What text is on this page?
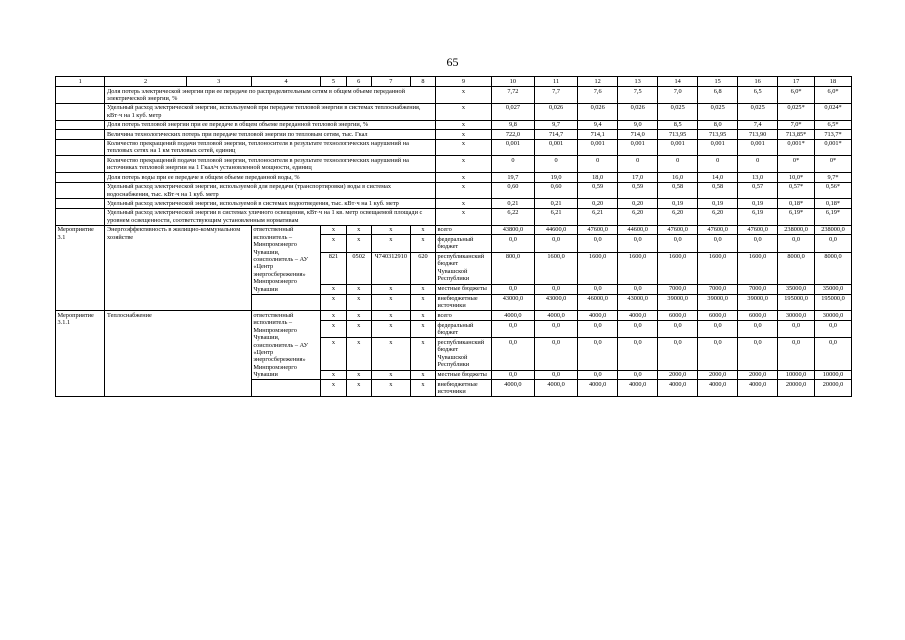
65
1	2	3	4	5	6	7	8	9	10	11	12	13	14	15	16	17	18
	Доля потерь электрической энергии при ее передаче по распределительным сетям в общем объеме переданной электрической энергии, %							x	7,72	7,7	7,6	7,5	7,0	6,8	6,5	6,0*	6,0*
	Удельный расход электрической энергии, используемой при передаче тепловой энергии в системах теплоснабжения, кВт·ч на 1 куб. метр							x	0,027	0,026	0,026	0,026	0,025	0,025	0,025	0,025*	0,024*
	Доля потерь тепловой энергии при ее передаче в общем объеме переданной тепловой энергии, %							x	9,8	9,7	9,4	9,0	8,5	8,0	7,4	7,0*	6,5*
	Величина технологических потерь при передаче тепловой энергии по тепловым сетям, тыс. Гкал							x	722,0	714,7	714,1	714,0	713,95	713,95	713,90	713,85*	713,7*
	Количество прекращений подачи тепловой энергии, теплоносителя в результате технологических нарушений на тепловых сетях на 1 км тепловых сетей, единиц							x	0,001	0,001	0,001	0,001	0,001	0,001	0,001	0,001*	0,001*
	Количество прекращений подачи тепловой энергии, теплоносителя в результате технологических нарушений на источниках тепловой энергии на 1 Гкал/ч установленной мощности, единиц							x	0	0	0	0	0	0	0	0*	0*
	Доля потерь воды при ее передаче в общем объеме переданной воды, %							x	19,7	19,0	18,0	17,0	16,0	14,0	13,0	10,0*	9,7*
	Удельный расход электрической энергии, используемой для передачи (транспортировки) воды в системах водоснабжения, тыс. кВт·ч на 1 куб. метр							x	0,60	0,60	0,59	0,59	0,58	0,58	0,57	0,57*	0,56*
	Удельный расход электрической энергии, используемой в системах водоотведения, тыс. кВт·ч на 1 куб. метр							x	0,21	0,21	0,20	0,20	0,19	0,19	0,19	0,18*	0,18*
	Удельный расход электрической энергии в системах уличного освещения, кВт·ч на 1 кв. метр освещаемой площади с уровнем освещенности, соответствующим установленным нормативам							x	6,22	6,21	6,21	6,20	6,20	6,20	6,19	6,19*	6,19*
Мероприятие 3.1	Энергоэффективность в жилищно-коммунальном хозяйстве		ответственный исполнитель – Минпромэнерго Чувашии, соисполнитель – АУ «Центр энергосбережения» Минпромэнерго Чувашии	x	x	x	x	всего	43800,0	44600,0	47600,0	44600,0	47600,0	47600,0	47600,0	238000,0	238000,0
				x	x	x	x	федеральный бюджет	0,0	0,0	0,0	0,0	0,0	0,0	0,0	0,0	0,0
				821	0502	Ч740312910	620	республиканский бюджет Чувашской Республики	800,0	1600,0	1600,0	1600,0	1600,0	1600,0	1600,0	8000,0	8000,0
				x	x	x	x	местные бюджеты	0,0	0,0	0,0	0,0	7000,0	7000,0	7000,0	35000,0	35000,0
				x	x	x	x	внебюджетные источники	43000,0	43000,0	46000,0	43000,0	39000,0	39000,0	39000,0	195000,0	195000,0
Мероприятие 3.1.1	Теплоснабжение		ответственный исполнитель – Минпромэнерго Чувашии, соисполнитель – АУ «Центр энергосбережения» Минпромэнерго Чувашии	x	x	x	x	всего	4000,0	4000,0	4000,0	4000,0	6000,0	6000,0	6000,0	30000,0	30000,0
				x	x	x	x	федеральный бюджет	0,0	0,0	0,0	0,0	0,0	0,0	0,0	0,0	0,0
				x	x	x	x	республиканский бюджет Чувашской Республики	0,0	0,0	0,0	0,0	0,0	0,0	0,0	0,0	0,0
				x	x	x	x	местные бюджеты	0,0	0,0	0,0	0,0	2000,0	2000,0	2000,0	10000,0	10000,0
				x	x	x	x	внебюджетные источники	4000,0	4000,0	4000,0	4000,0	4000,0	4000,0	4000,0	20000,0	20000,0
